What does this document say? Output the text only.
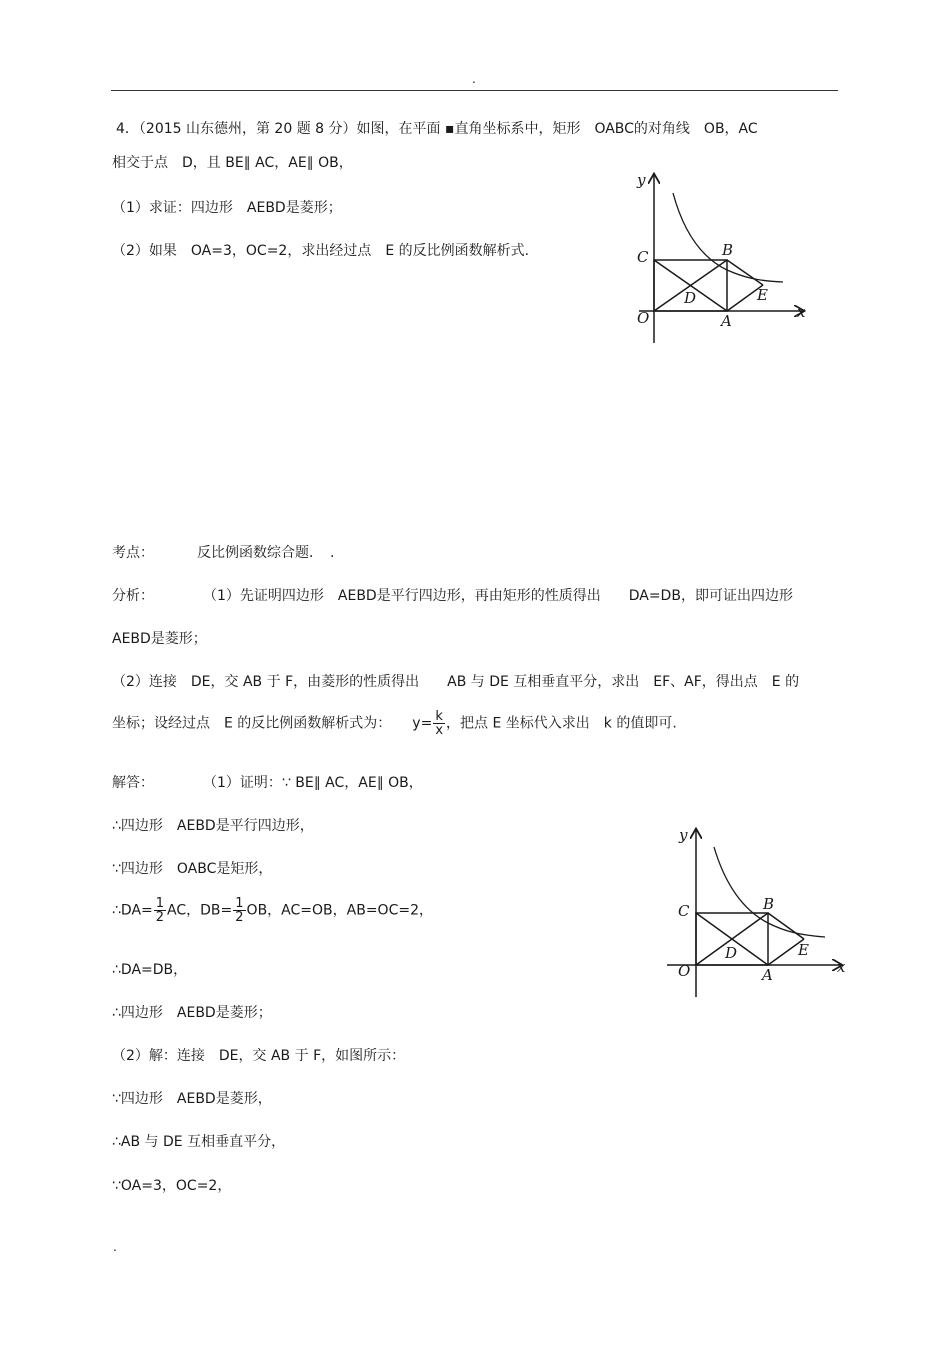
.
4．（2015 山东德州，第 20 题 8 分）如图，在平面 ▪直角坐标系中，矩形　OABC的对角线　OB，AC
相交于点　D，且 BE∥ AC，AE∥ OB，
（1）求证：四边形　AEBD是菱形；
（2）如果　OA=3，OC=2，求出经过点　E 的反比例函数解析式.
y
x
C	B
O	A
D	E
考点：	反比例函数综合题．　.
分析：	（1）先证明四边形　AEBD是平行四边形，再由矩形的性质得出　　DA=DB，即可证出四边形
AEBD是菱形；
（2）连接　DE，交 AB 于 F，由菱形的性质得出　　AB 与 DE 互相垂直平分，求出　EF、AF，得出点　E 的
坐标；设经过点　E 的反比例函数解析式为：　　$y= \frac{k}{x}$ ，把点 E 坐标代入求出　k 的值即可.
解答：	（1）证明：∵ BE∥ AC，AE∥ OB，
∴四边形　AEBD是平行四边形，
∵四边形　OABC是矩形，
∴DA= $\frac{1}{2}$ AC，$DB= \frac{1}{2}$ OB，AC=OB，AB=OC=2，
∴DA=DB，
∴四边形　AEBD是菱形；
（2）解：连接　DE，交 AB 于 F，如图所示：
∵四边形　AEBD是菱形，
∴AB 与 DE 互相垂直平分，
∵OA=3，OC=2，
y
x
C	B
O	A
D	E
.
